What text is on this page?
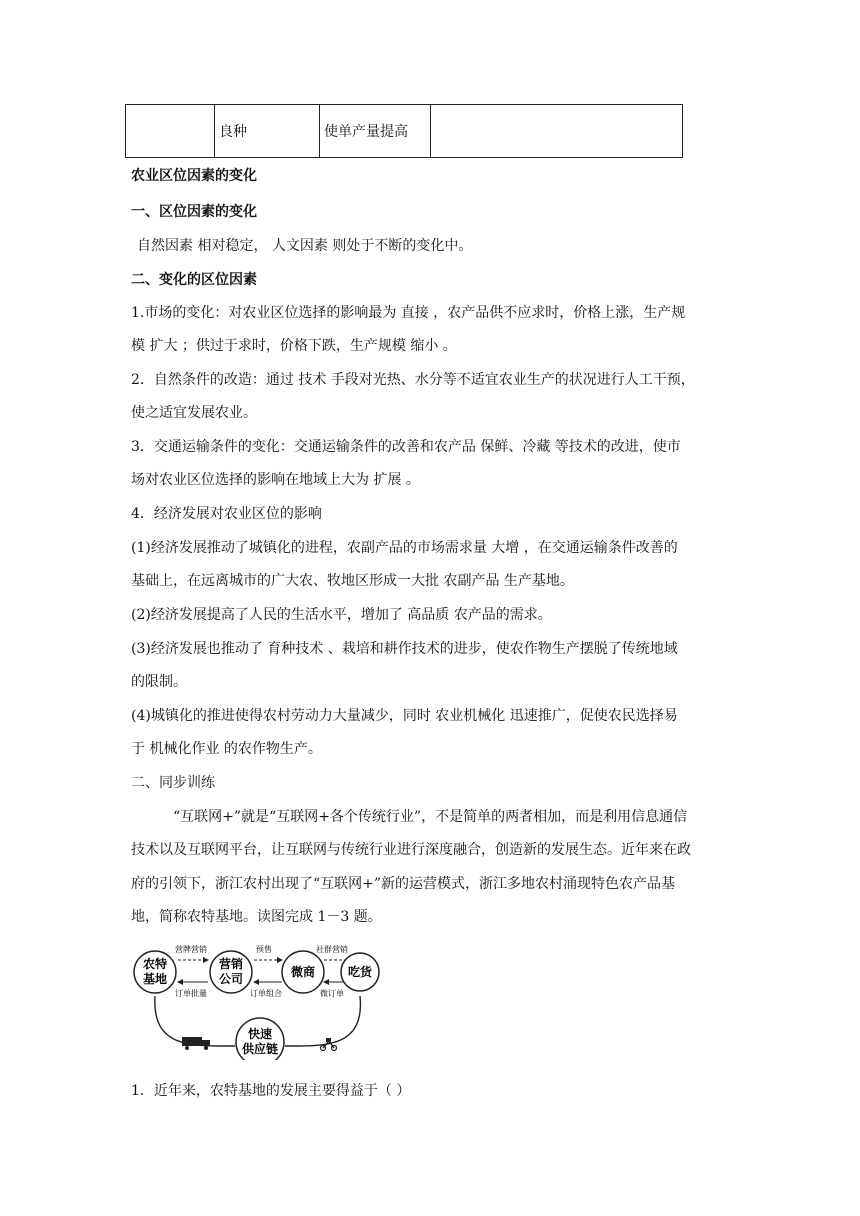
	良种	使单产量提高	
农业区位因素的变化
一、区位因素的变化
自然因素 相对稳定， 人文因素 则处于不断的变化中。
二、变化的区位因素
1.市场的变化：对农业区位选择的影响最为 直接 ，农产品供不应求时，价格上涨，生产规
模 扩大 ；供过于求时，价格下跌，生产规模 缩小 。
2．自然条件的改造：通过 技术 手段对光热、水分等不适宜农业生产的状况进行人工干预，
使之适宜发展农业。
3．交通运输条件的变化：交通运输条件的改善和农产品 保鲜、冷藏 等技术的改进，使市
场对农业区位选择的影响在地域上大为 扩展 。
4．经济发展对农业区位的影响
(1)经济发展推动了城镇化的进程，农副产品的市场需求量 大增 ，在交通运输条件改善的
基础上，在远离城市的广大农、牧地区形成一大批 农副产品 生产基地。
(2)经济发展提高了人民的生活水平，增加了 高品质 农产品的需求。
(3)经济发展也推动了 育种技术 、栽培和耕作技术的进步，使农作物生产摆脱了传统地域
的限制。
(4)城镇化的推进使得农村劳动力大量减少，同时 农业机械化 迅速推广，促使农民选择易
于 机械化作业 的农作物生产。
二、同步训练
“互联网+”就是“互联网+各个传统行业”，不是简单的两者相加，而是利用信息通信
技术以及互联网平台，让互联网与传统行业进行深度融合，创造新的发展生态。近年来在政
府的引领下，浙江农村出现了“互联网+”新的运营模式，浙江多地农村涌现特色农产品基
地，简称农特基地。读图完成 1－3 题。
营牌营销	预售	社群营销
订单批量	订单组合	微订单
农特
基地
营销
公司	微商	吃货
快速
供应链
1．近年来，农特基地的发展主要得益于（ ）
